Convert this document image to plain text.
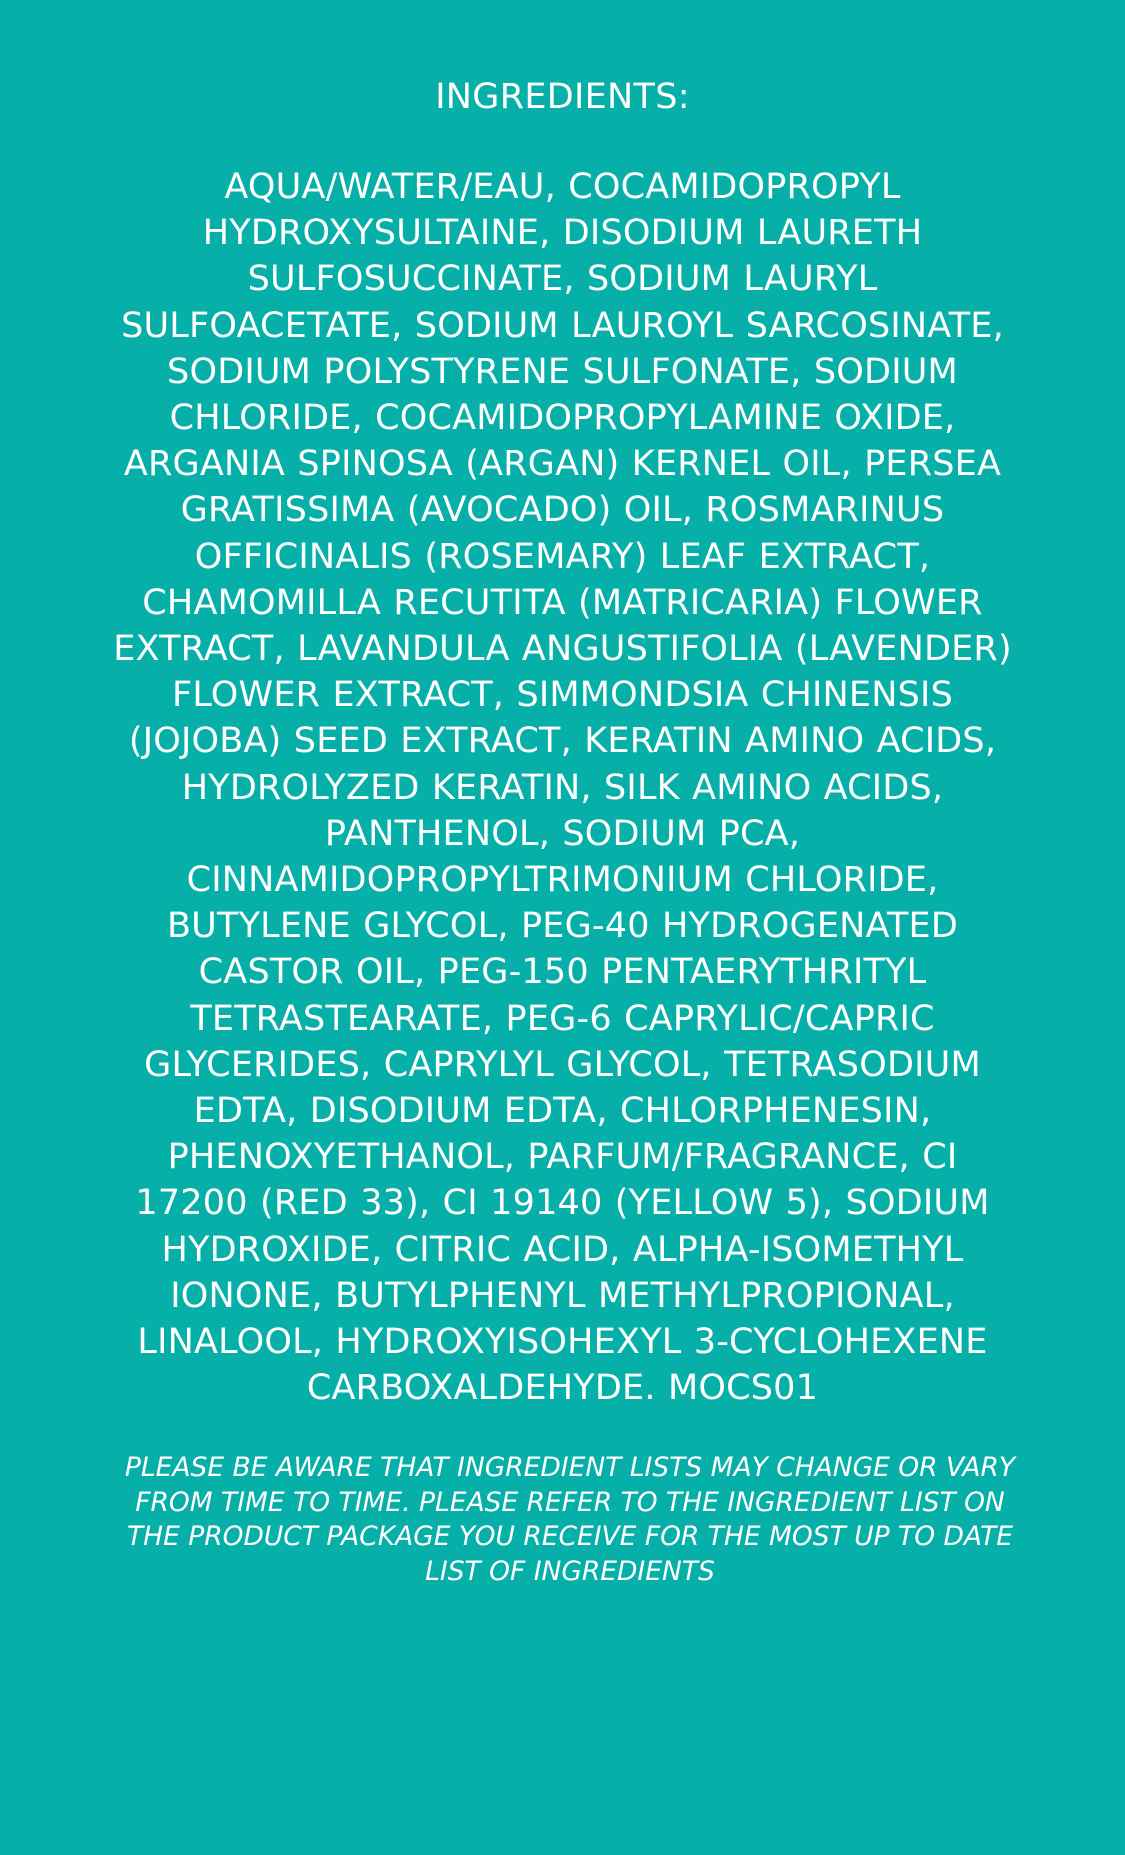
INGREDIENTS:

AQUA/WATER/EAU, COCAMIDOPROPYL HYDROXYSULTAINE, DISODIUM LAURETH SULFOSUCCINATE, SODIUM LAURYL SULFOACETATE, SODIUM LAUROYL SARCOSINATE, SODIUM POLYSTYRENE SULFONATE, SODIUM CHLORIDE, COCAMIDOPROPYLAMINE OXIDE, ARGANIA SPINOSA (ARGAN) KERNEL OIL, PERSEA GRATISSIMA (AVOCADO) OIL, ROSMARINUS OFFICINALIS (ROSEMARY) LEAF EXTRACT, CHAMOMILLA RECUTITA (MATRICARIA) FLOWER EXTRACT, LAVANDULA ANGUSTIFOLIA (LAVENDER) FLOWER EXTRACT, SIMMONDSIA CHINENSIS (JOJOBA) SEED EXTRACT, KERATIN AMINO ACIDS, HYDROLYZED KERATIN, SILK AMINO ACIDS, PANTHENOL, SODIUM PCA, CINNAMIDOPROPYLTRIMONIUM CHLORIDE, BUTYLENE GLYCOL, PEG-40 HYDROGENATED CASTOR OIL, PEG-150 PENTAERYTHRITYL TETRASTEARATE, PEG-6 CAPRYLIC/CAPRIC GLYCERIDES, CAPRYLYL GLYCOL, TETRASODIUM EDTA, DISODIUM EDTA, CHLORPHENESIN, PHENOXYETHANOL, PARFUM/FRAGRANCE, CI 17200 (RED 33), CI 19140 (YELLOW 5), SODIUM HYDROXIDE, CITRIC ACID, ALPHA-ISOMETHYL IONONE, BUTYLPHENYL METHYLPROPIONAL, LINALOOL, HYDROXYISOHEXYL 3-CYCLOHEXENE CARBOXALDEHYDE. MOCS01

PLEASE BE AWARE THAT INGREDIENT LISTS MAY CHANGE OR VARY FROM TIME TO TIME. PLEASE REFER TO THE INGREDIENT LIST ON THE PRODUCT PACKAGE YOU RECEIVE FOR THE MOST UP TO DATE LIST OF INGREDIENTS
